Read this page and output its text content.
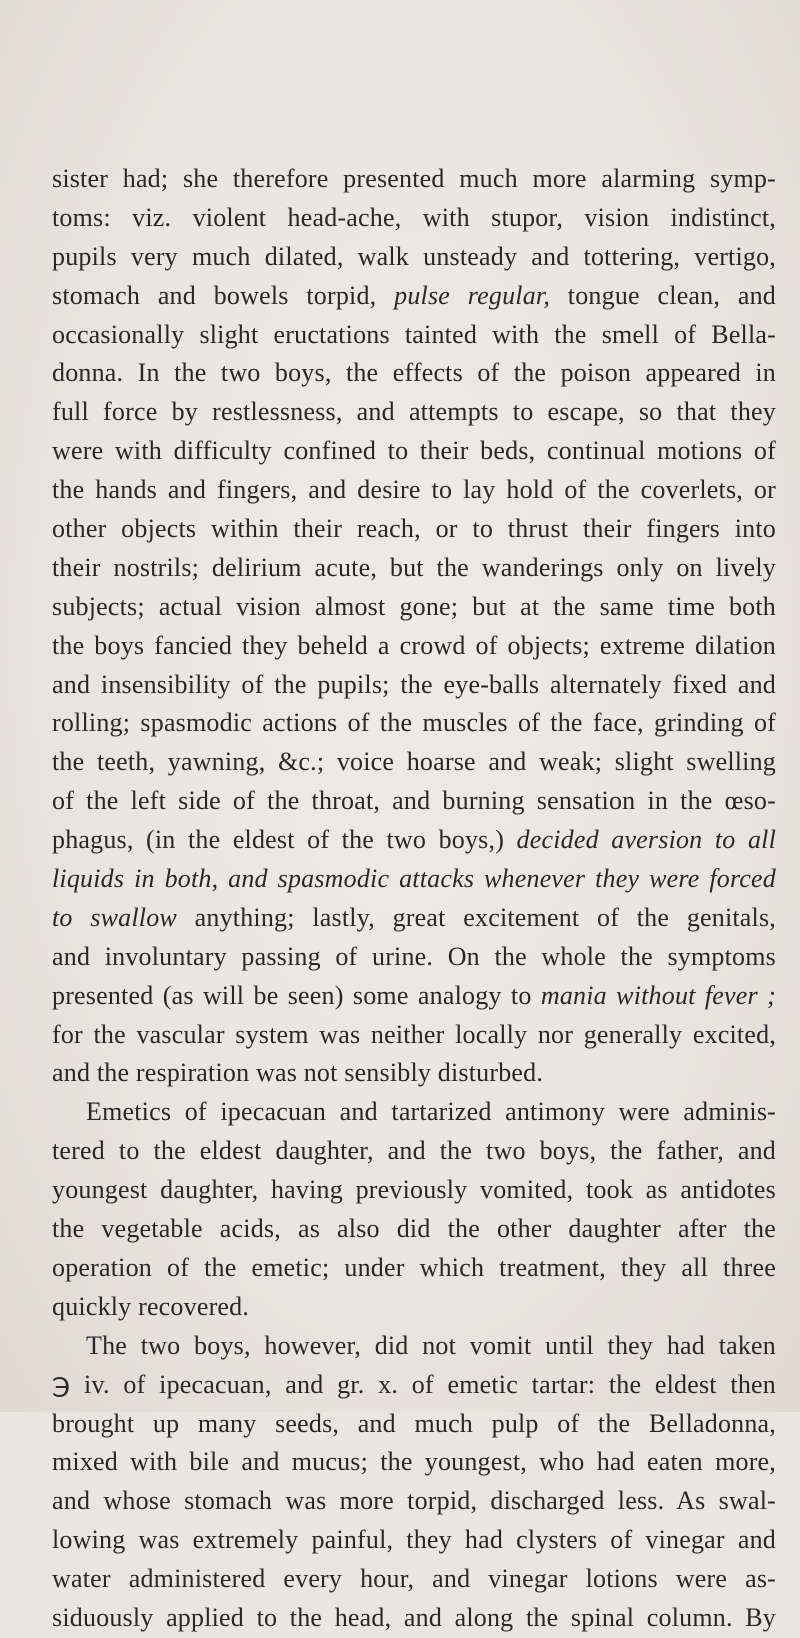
sister had; she therefore presented much more alarming symp-
toms: viz. violent head-ache, with stupor, vision indistinct,
pupils very much dilated, walk unsteady and tottering, vertigo,
stomach and bowels torpid, pulse regular, tongue clean, and
occasionally slight eructations tainted with the smell of Bella-
donna. In the two boys, the effects of the poison appeared in
full force by restlessness, and attempts to escape, so that they
were with difficulty confined to their beds, continual motions of
the hands and fingers, and desire to lay hold of the coverlets, or
other objects within their reach, or to thrust their fingers into
their nostrils; delirium acute, but the wanderings only on lively
subjects; actual vision almost gone; but at the same time both
the boys fancied they beheld a crowd of objects; extreme dilation
and insensibility of the pupils; the eye-balls alternately fixed and
rolling; spasmodic actions of the muscles of the face, grinding of
the teeth, yawning, &c.; voice hoarse and weak; slight swelling
of the left side of the throat, and burning sensation in the œso-
phagus, (in the eldest of the two boys,) decided aversion to all
liquids in both, and spasmodic attacks whenever they were forced
to swallow anything; lastly, great excitement of the genitals,
and involuntary passing of urine. On the whole the symptoms
presented (as will be seen) some analogy to mania without fever ;
for the vascular system was neither locally nor generally excited,
and the respiration was not sensibly disturbed.
Emetics of ipecacuan and tartarized antimony were adminis-
tered to the eldest daughter, and the two boys, the father, and
youngest daughter, having previously vomited, took as antidotes
the vegetable acids, as also did the other daughter after the
operation of the emetic; under which treatment, they all three
quickly recovered.
The two boys, however, did not vomit until they had taken
℈ iv. of ipecacuan, and gr. x. of emetic tartar: the eldest then
brought up many seeds, and much pulp of the Belladonna,
mixed with bile and mucus; the youngest, who had eaten more,
and whose stomach was more torpid, discharged less. As swal-
lowing was extremely painful, they had clysters of vinegar and
water administered every hour, and vinegar lotions were as-
siduously applied to the head, and along the spinal column. By
